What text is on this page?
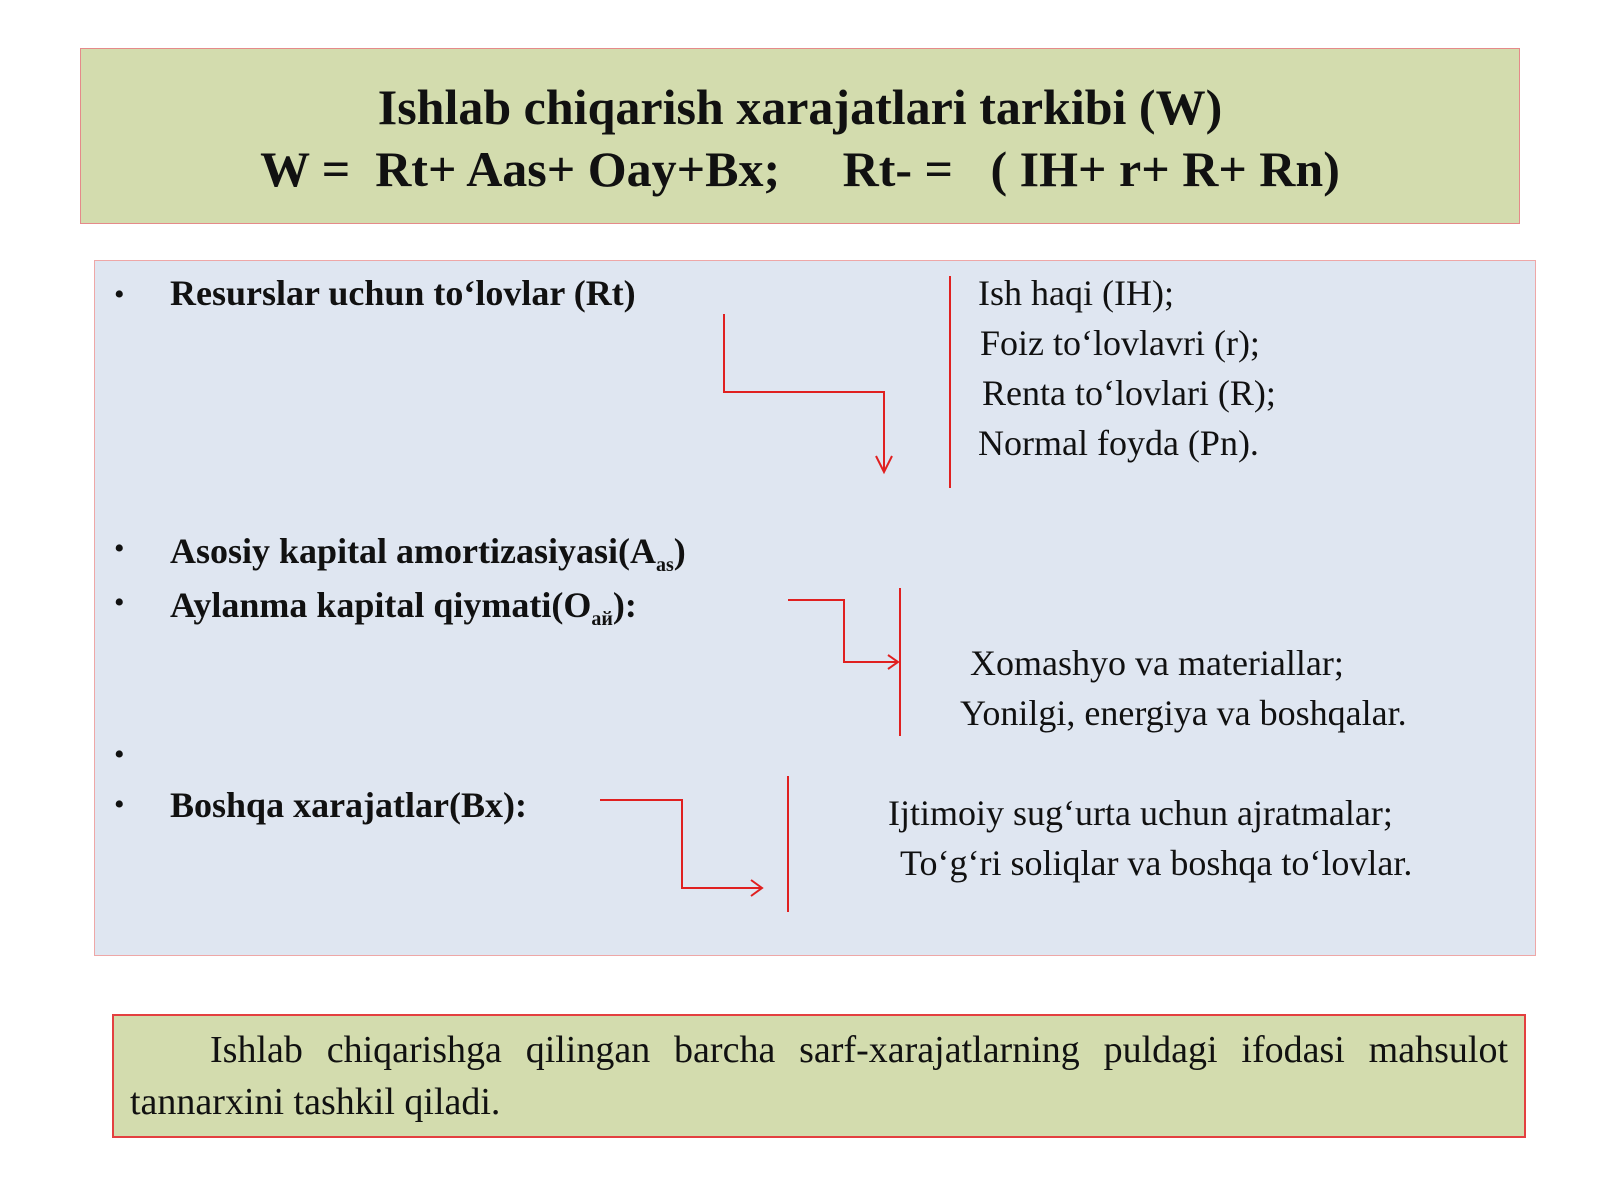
Ishlab chiqarish xarajatlari tarkibi (W)
W =  Rt+ Aas+ Oay+Bx;     Rt- =   ( IH+ r+ R+ Rn)
•
•
•
•
•
Resurslar uchun to‘lovlar (Rt)
Asosiy kapital $amortizasiyasi(A_{as})$
Aylanma kapital $qiymati(O_{ай})$:
Boshqa xarajatlar(Bx):
Ish haqi (IH);
Foiz to‘lovlavri (r);
Renta to‘lovlari (R);
Normal foyda (Pn).
Xomashyo va materiallar;
Yonilgi, energiya va boshqalar.
Ijtimoiy sug‘urta uchun ajratmalar;
To‘g‘ri soliqlar va boshqa to‘lovlar.
Ishlab chiqarishga qilingan barcha sarf-xarajatlarning puldagi ifodasi mahsulot tannarxini tashkil qiladi.
